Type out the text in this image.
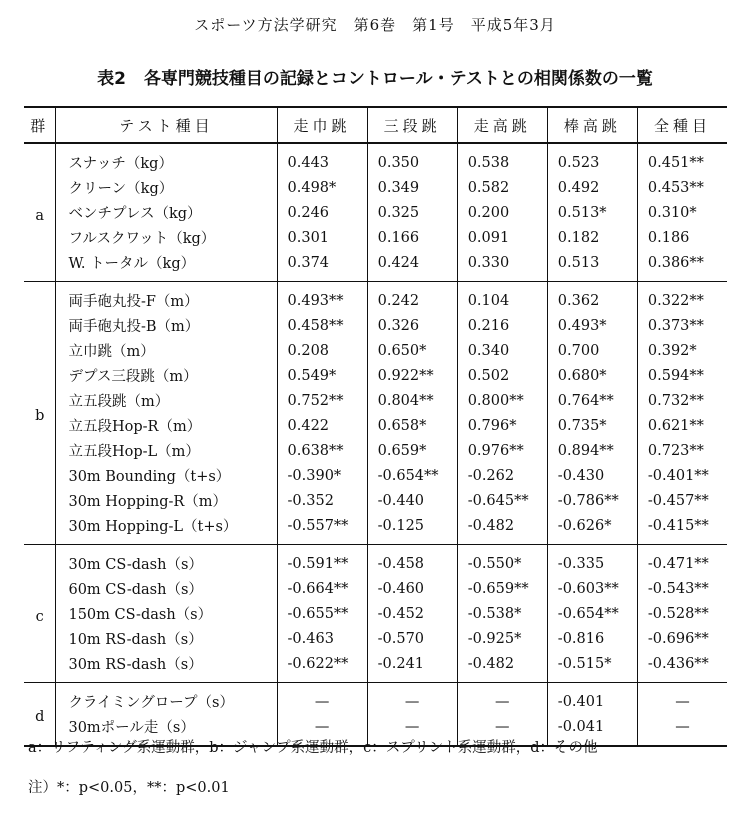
スポーツ方法学研究　第6巻　第1号　平成5年3月
表2 各専門競技種目の記録とコントロール・テストとの相関係数の一覧
群	テスト種目	走巾跳	三段跳	走高跳	棒高跳	全種目
a	スナッチ（kg）	0.443	0.350	0.538	0.523	0.451**
	クリーン（kg）	0.498*	0.349	0.582	0.492	0.453**
	ベンチプレス（kg）	0.246	0.325	0.200	0.513*	0.310*
	フルスクワット（kg）	0.301	0.166	0.091	0.182	0.186
	W. トータル（kg）	0.374	0.424	0.330	0.513	0.386**
b	両手砲丸投-F（m）	0.493**	0.242	0.104	0.362	0.322**
	両手砲丸投-B（m）	0.458**	0.326	0.216	0.493*	0.373**
	立巾跳（m）	0.208	0.650*	0.340	0.700	0.392*
	デプス三段跳（m）	0.549*	0.922**	0.502	0.680*	0.594**
	立五段跳（m）	0.752**	0.804**	0.800**	0.764**	0.732**
	立五段Hop-R（m）	0.422	0.658*	0.796*	0.735*	0.621**
	立五段Hop-L（m）	0.638**	0.659*	0.976**	0.894**	0.723**
	30m Bounding（t+s）	-0.390*	-0.654**	-0.262	-0.430	-0.401**
	30m Hopping-R（m）	-0.352	-0.440	-0.645**	-0.786**	-0.457**
	30m Hopping-L（t+s）	-0.557**	-0.125	-0.482	-0.626*	-0.415**
c	30m CS-dash（s）	-0.591**	-0.458	-0.550*	-0.335	-0.471**
	60m CS-dash（s）	-0.664**	-0.460	-0.659**	-0.603**	-0.543**
	150m CS-dash（s）	-0.655**	-0.452	-0.538*	-0.654**	-0.528**
	10m RS-dash（s）	-0.463	-0.570	-0.925*	-0.816	-0.696**
	30m RS-dash（s）	-0.622**	-0.241	-0.482	-0.515*	-0.436**
d	クライミングロープ（s）	—	—	—	-0.401	—
	30mポール走（s）	—	—	—	-0.041	—
a：リフティング系運動群，b：ジャンプ系運動群，c：スプリント系運動群，d：その他
注）*：p<0.05，**：p<0.01
